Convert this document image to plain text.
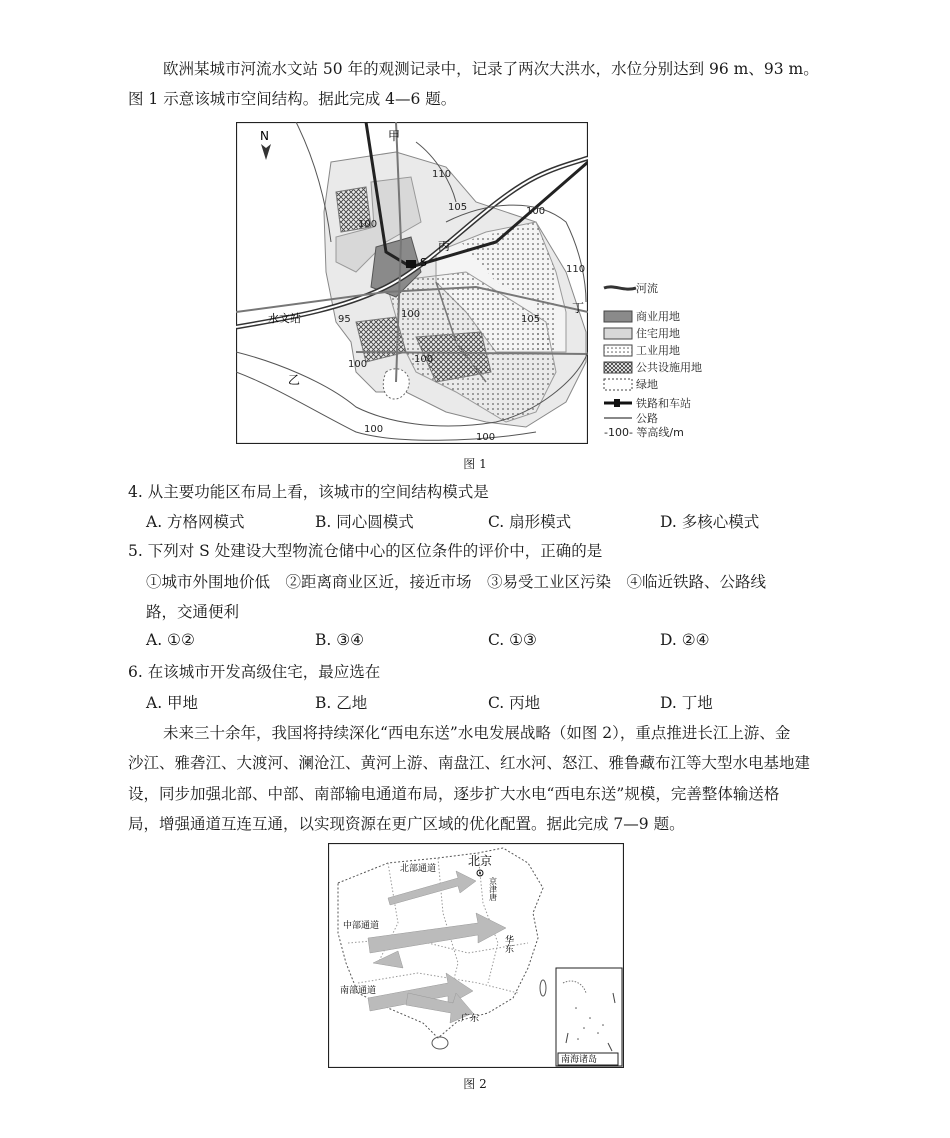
欧洲某城市河流水文站 50 年的观测记录中，记录了两次大洪水，水位分别达到 96 m、93 m。
图 1 示意该城市空间结构。据此完成 4—6 题。
N	甲
乙
丙
丁
S
水文站
110
105
100
95	100	105
110
100
100
100
100	100
河流
商业用地
住宅用地
工业用地
公共设施用地
绿地
铁路和车站
公路
-100- 等高线/m
图 1
4. 从主要功能区布局上看，该城市的空间结构模式是
A. 方格网模式	B. 同心圆模式	C. 扇形模式	D. 多核心模式
5. 下列对 S 处建设大型物流仓储中心的区位条件的评价中，正确的是
①城市外围地价低　②距离商业区近，接近市场　③易受工业区污染　④临近铁路、公路线
路，交通便利
A. ①②	B. ③④	C. ①③	D. ②④
6. 在该城市开发高级住宅，最应选在
A. 甲地	B. 乙地	C. 丙地	D. 丁地
未来三十余年，我国将持续深化“西电东送”水电发展战略（如图 2），重点推进长江上游、金
沙江、雅砻江、大渡河、澜沧江、黄河上游、南盘江、红水河、怒江、雅鲁藏布江等大型水电基地建
设，同步加强北部、中部、南部输电通道布局，逐步扩大水电“西电东送”规模，完善整体输送格
局，增强通道互连互通，以实现资源在更广区域的优化配置。据此完成 7—9 题。
北京
京津唐
北部通道
中部通道
南部通道
华东
广东
南海诸岛
图 2
